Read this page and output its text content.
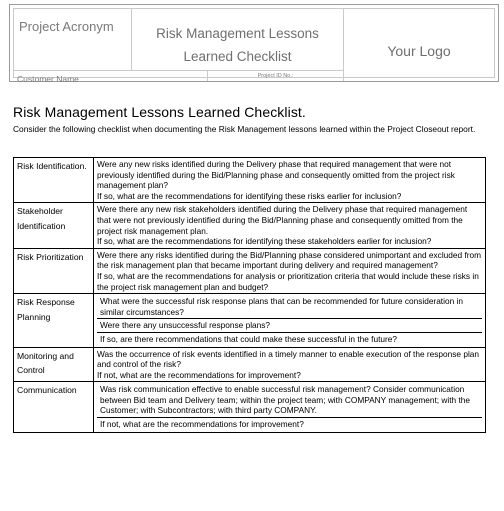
Project Acronym	Risk Management Lessons
Learned Checklist	Your Logo
Customer Name	Project ID No.:
Risk Management Lessons Learned Checklist.
Consider the following checklist when documenting the Risk Management lessons learned within the Project Closeout report.
Risk Identification.	Were any new risks identified during the Delivery phase that required management that were not previously identified during the Bid/Planning phase and consequently omitted from the project risk management plan?
If so, what are the recommendations for identifying these risks earlier for inclusion?

Stakeholder Identification	Were there any new risk stakeholders identified during the Delivery phase that required management that were not previously identified during the Bid/Planning phase and consequently omitted from the project risk management plan.
If so, what are the recommendations for identifying these stakeholders earlier for inclusion?

Risk Prioritization	Were there any risks identified during the Bid/Planning phase considered unimportant and excluded from the risk management plan that became important during delivery and required management?
If so, what are the recommendations for analysis or prioritization criteria that would include these risks in the project risk management plan and budget?

Risk Response Planning	What were the successful risk response plans that can be recommended for future consideration in similar circumstances?
Were there any unsuccessful response plans?
If so, are there recommendations that could make these successful in the future?

Monitoring and Control	Was the occurrence of risk events identified in a timely manner to enable execution of the response plan and control of the risk?
If not, what are the recommendations for improvement?

Communication	Was risk communication effective to enable successful risk management? Consider communication between Bid team and Delivery team; within the project team; with COMPANY management; with the Customer; with Subcontractors; with third party COMPANY.
If not, what are the recommendations for improvement?
